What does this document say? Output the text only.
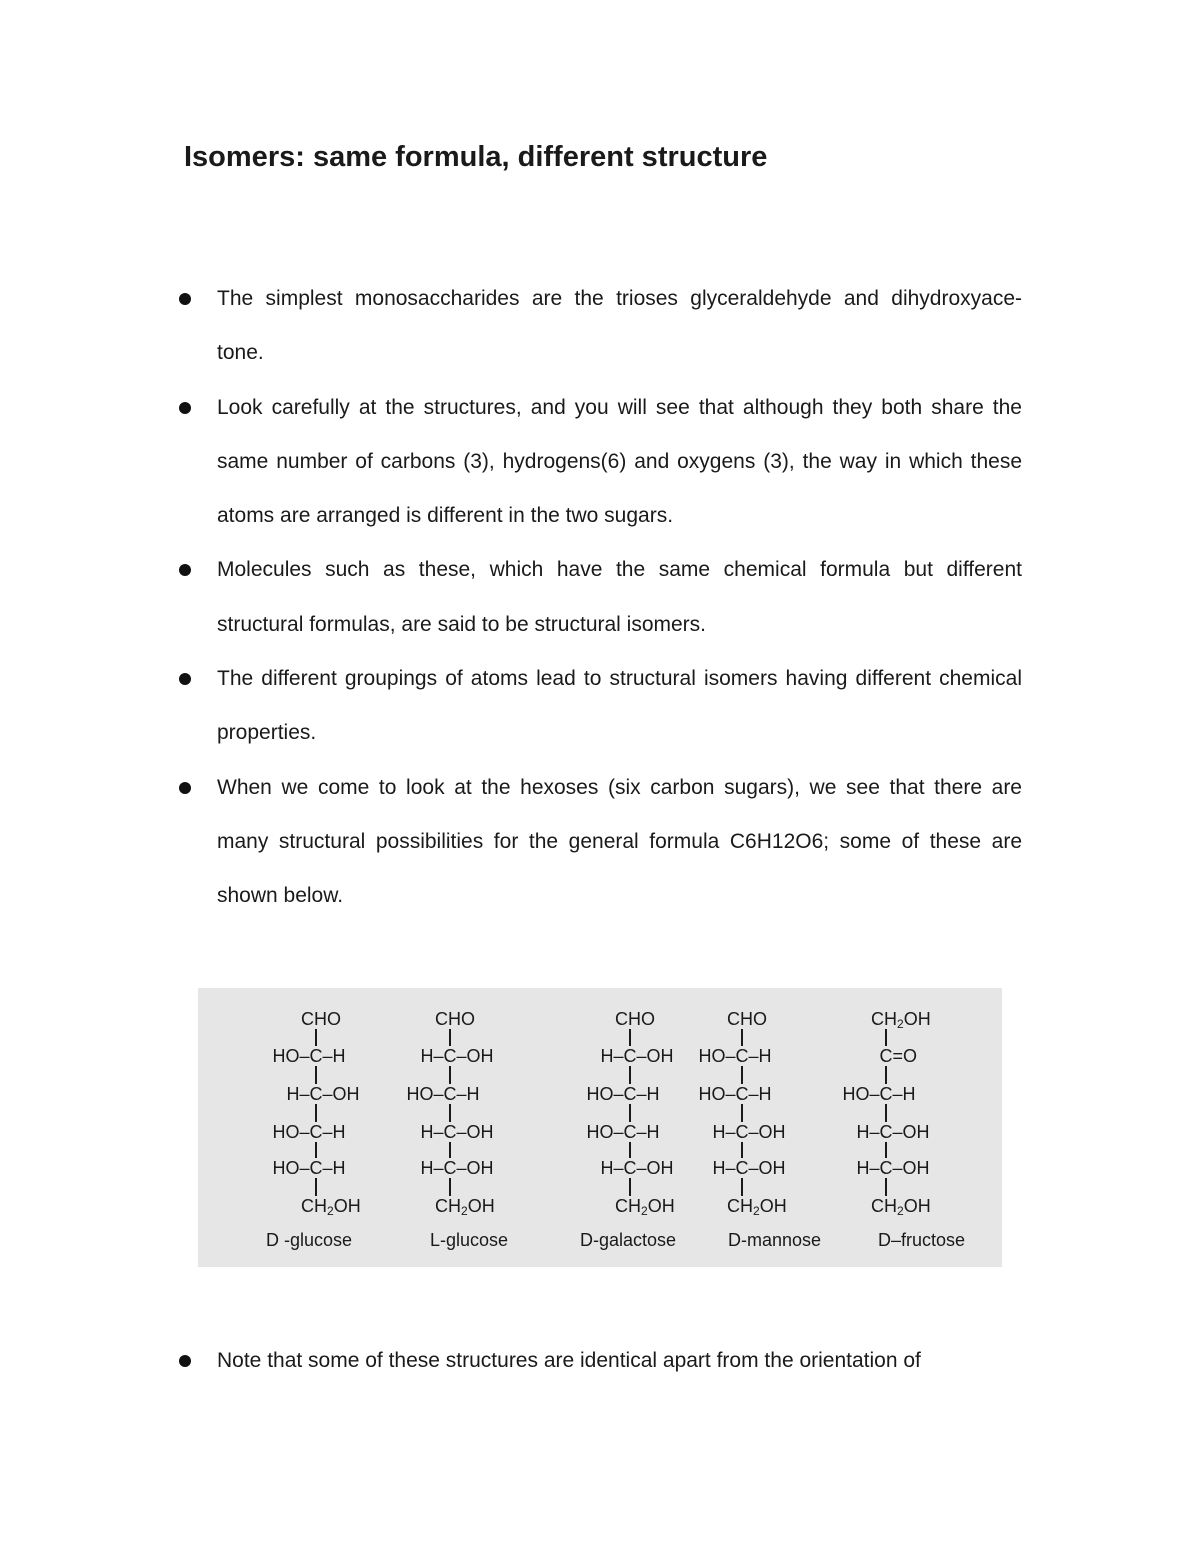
Isomers: same formula, different structure
The simplest monosaccharides are the trioses glyceraldehyde and dihydroxyace- tone.
Look carefully at the structures, and you will see that although they both share the same number of carbons (3), hydrogens(6) and oxygens (3), the way in which these atoms are arranged is different in the two sugars.
Molecules such as these, which have the same chemical formula but different structural formulas, are said to be structural isomers.
The different groupings of atoms lead to structural isomers having different chemical properties.
When we come to look at the hexoses (six carbon sugars), we see that there are many structural possibilities for the general formula C6H12O6; some of these are shown below.
CHO
HO–C–H
H–C–OH
HO–C–H
HO–C–H
$CH_2OH$
D -glucose
CHO
H–C–OH
HO–C–H
H–C–OH
H–C–OH
$CH_2OH$
L-glucose
CHO
H–C–OH
HO–C–H
HO–C–H
H–C–OH
$CH_2OH$
D-galactose
CHO
HO–C–H
HO–C–H
H–C–OH
H–C–OH
$CH_2OH$
D-mannose
$CH_2OH$
C=O
HO–C–H
H–C–OH
H–C–OH
$CH_2OH$
D–fructose
Note that some of these structures are identical apart from the orientation of
